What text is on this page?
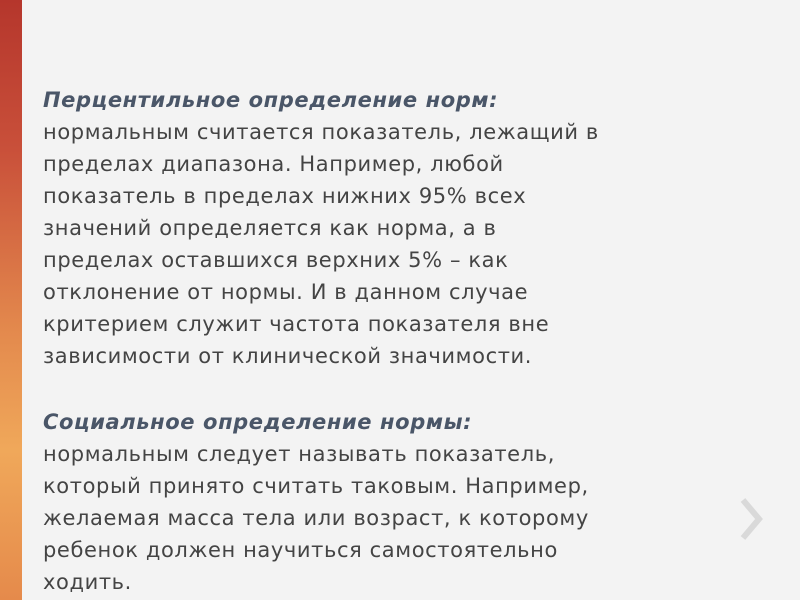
Перцентильное определение норм:
нормальным считается показатель, лежащий в
пределах диапазона. Например, любой
показатель в пределах нижних 95% всех
значений определяется как норма, а в
пределах оставшихся верхних 5% – как
отклонение от нормы. И в данном случае
критерием служит частота показателя вне
зависимости от клинической значимости.
Социальное определение нормы:
нормальным следует называть показатель,
который принято считать таковым. Например,
желаемая масса тела или возраст, к которому
ребенок должен научиться самостоятельно
ходить.
